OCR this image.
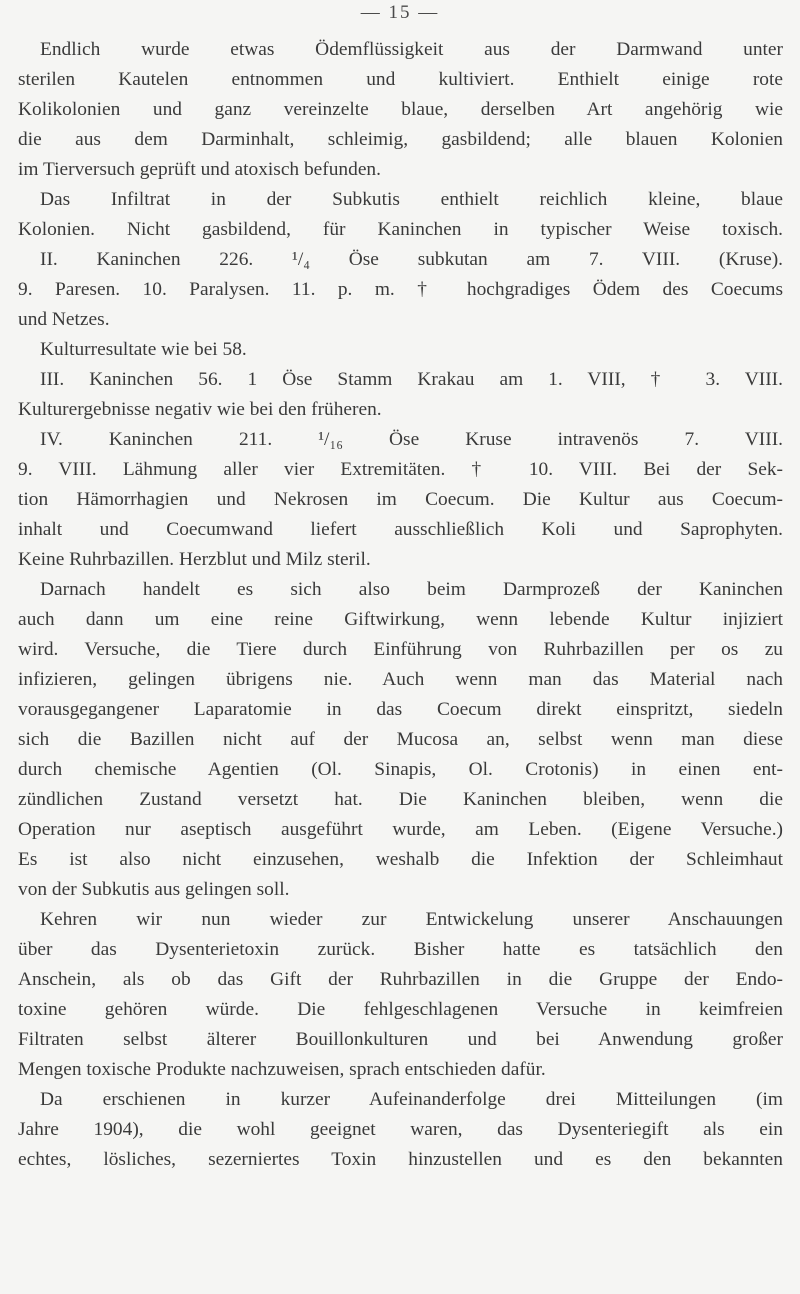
— 15 —
Endlich wurde etwas Ödemflüssigkeit aus der Darmwand unter
sterilen Kautelen entnommen und kultiviert. Enthielt einige rote
Kolikolonien und ganz vereinzelte blaue, derselben Art angehörig wie
die aus dem Darminhalt, schleimig, gasbildend; alle blauen Kolonien
im Tierversuch geprüft und atoxisch befunden.
Das Infiltrat in der Subkutis enthielt reichlich kleine, blaue
Kolonien. Nicht gasbildend, für Kaninchen in typischer Weise toxisch.
II. Kaninchen 226. ¹/₄ Öse subkutan am 7. VIII. (Kruse).
9. Paresen. 10. Paralysen. 11. p. m. † hochgradiges Ödem des Coecums
und Netzes.
Kulturresultate wie bei 58.
III. Kaninchen 56. 1 Öse Stamm Krakau am 1. VIII, † 3. VIII.
Kulturergebnisse negativ wie bei den früheren.
IV. Kaninchen 211. ¹/₁₆ Öse Kruse intravenös 7. VIII.
9. VIII. Lähmung aller vier Extremitäten. † 10. VIII. Bei der Sek-
tion Hämorrhagien und Nekrosen im Coecum. Die Kultur aus Coecum-
inhalt und Coecumwand liefert ausschließlich Koli und Saprophyten.
Keine Ruhrbazillen. Herzblut und Milz steril.
Darnach handelt es sich also beim Darmprozeß der Kaninchen
auch dann um eine reine Giftwirkung, wenn lebende Kultur injiziert
wird. Versuche, die Tiere durch Einführung von Ruhrbazillen per os zu
infizieren, gelingen übrigens nie. Auch wenn man das Material nach
vorausgegangener Laparatomie in das Coecum direkt einspritzt, siedeln
sich die Bazillen nicht auf der Mucosa an, selbst wenn man diese
durch chemische Agentien (Ol. Sinapis, Ol. Crotonis) in einen ent-
zündlichen Zustand versetzt hat. Die Kaninchen bleiben, wenn die
Operation nur aseptisch ausgeführt wurde, am Leben. (Eigene Versuche.)
Es ist also nicht einzusehen, weshalb die Infektion der Schleimhaut
von der Subkutis aus gelingen soll.
Kehren wir nun wieder zur Entwickelung unserer Anschauungen
über das Dysenterietoxin zurück. Bisher hatte es tatsächlich den
Anschein, als ob das Gift der Ruhrbazillen in die Gruppe der Endo-
toxine gehören würde. Die fehlgeschlagenen Versuche in keimfreien
Filtraten selbst älterer Bouillonkulturen und bei Anwendung großer
Mengen toxische Produkte nachzuweisen, sprach entschieden dafür.
Da erschienen in kurzer Aufeinanderfolge drei Mitteilungen (im
Jahre 1904), die wohl geeignet waren, das Dysenteriegift als ein
echtes, lösliches, sezerniertes Toxin hinzustellen und es den bekannten
